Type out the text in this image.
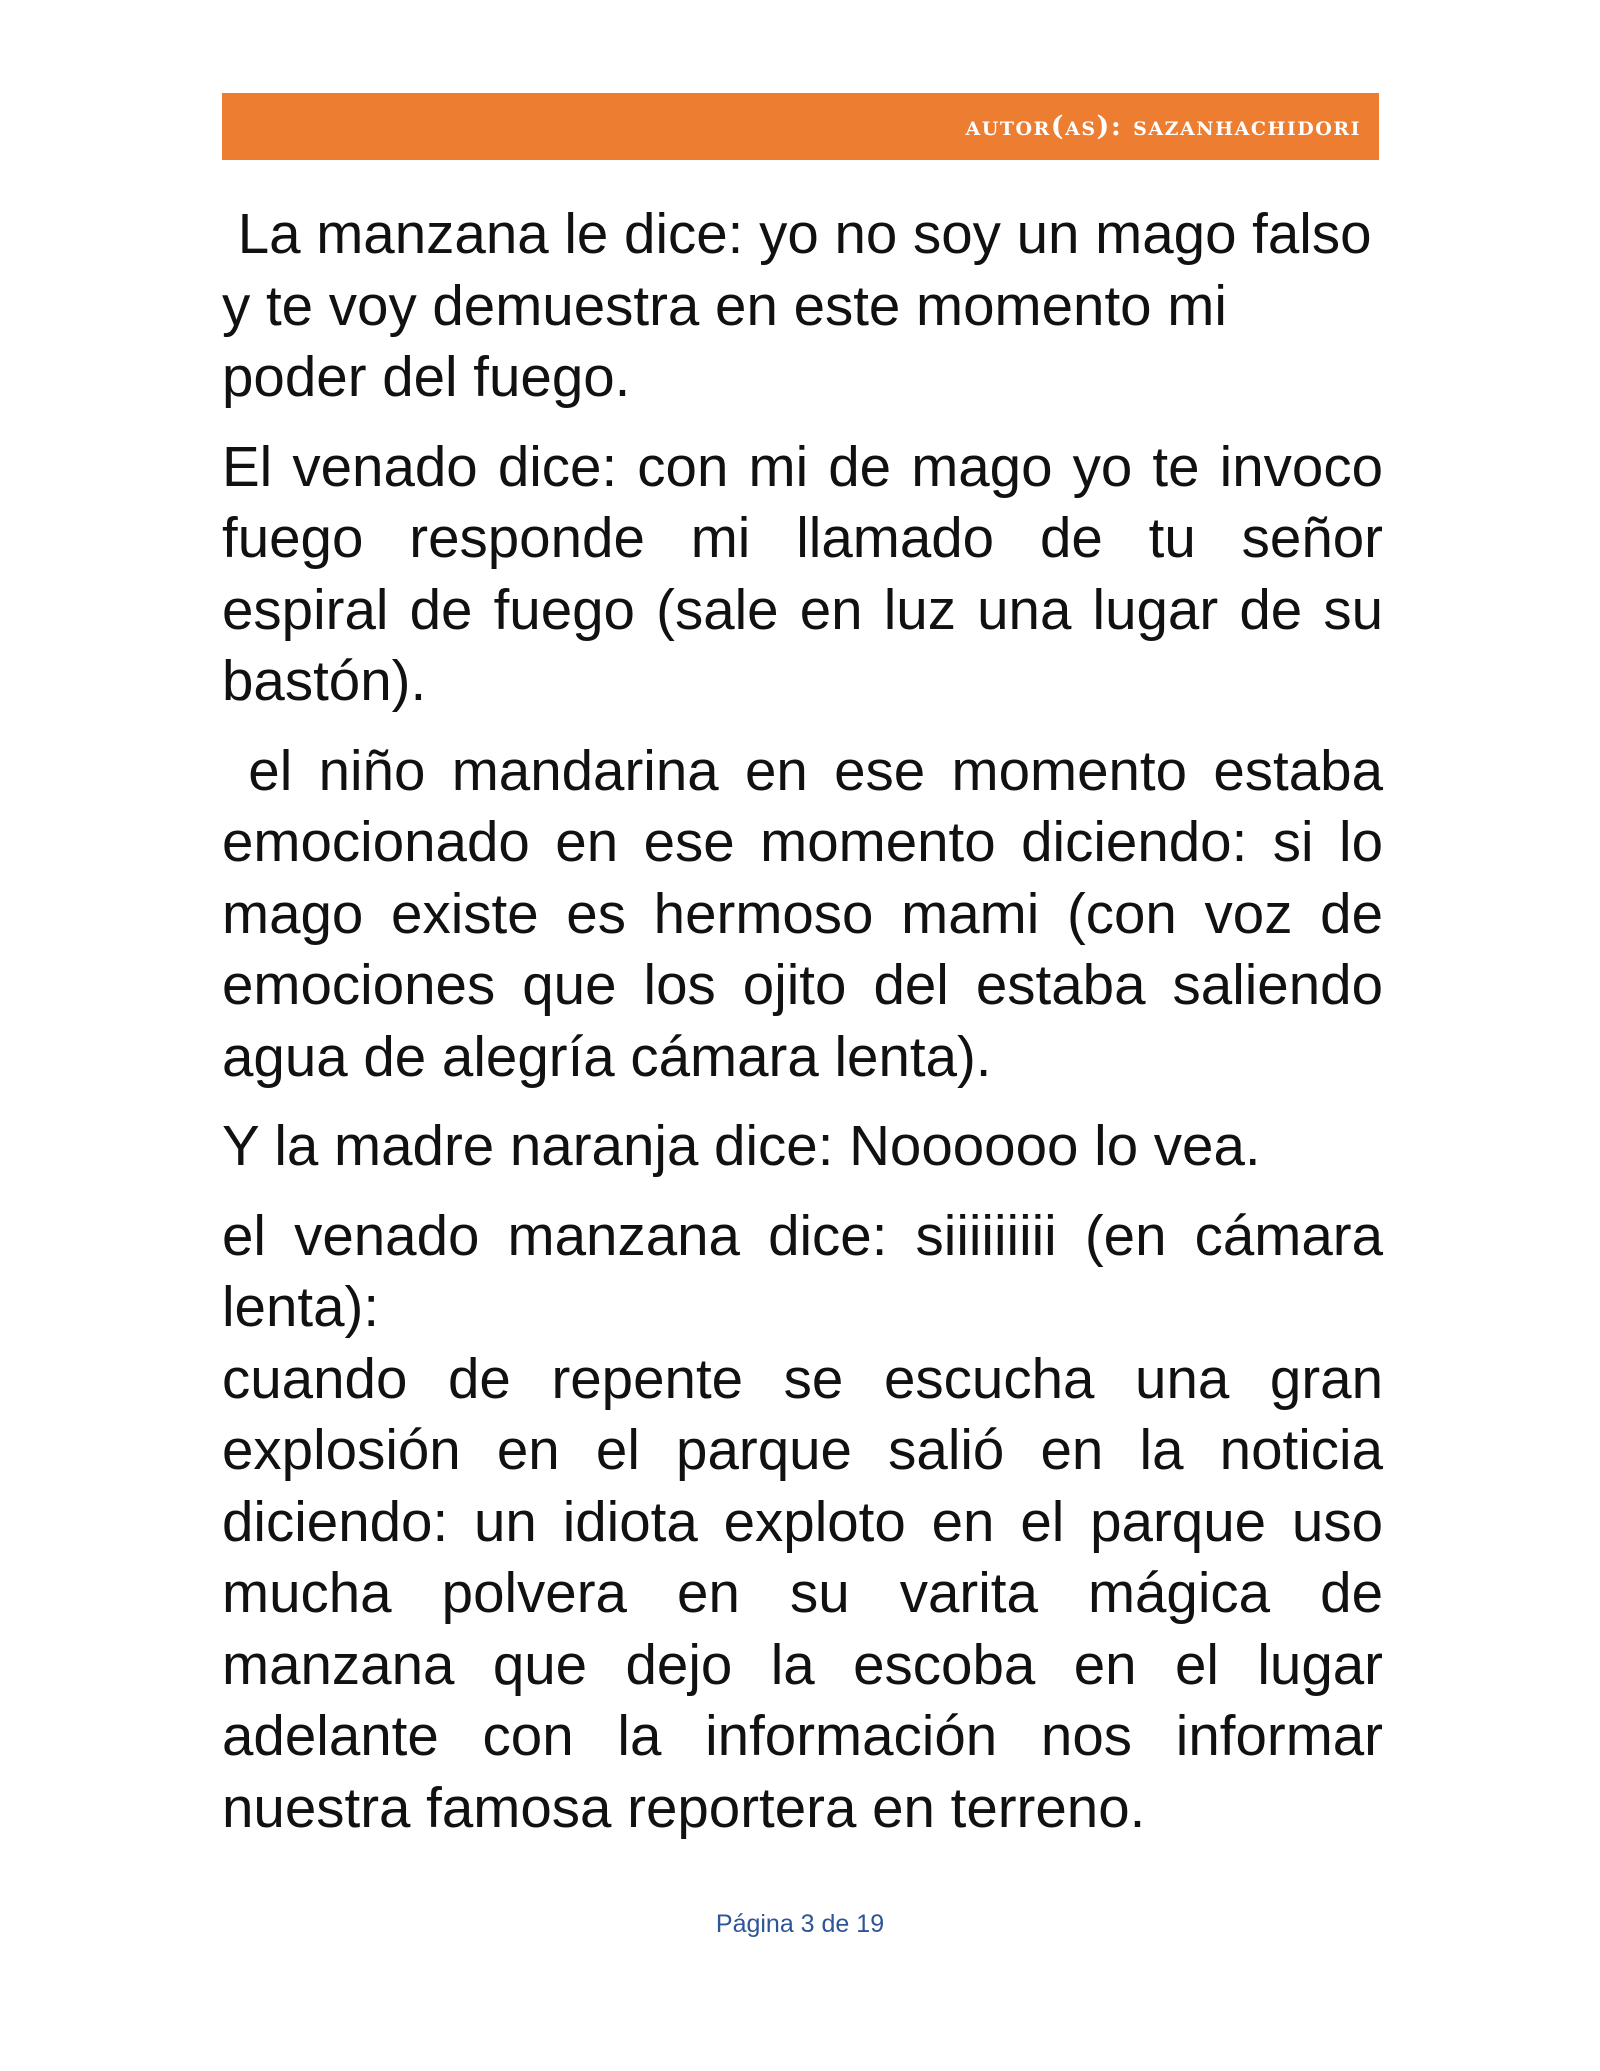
autor(as): sazanhachidori

La manzana le dice: yo no soy un mago falso y te voy demuestra en este momento mi poder del fuego.

El venado dice: con mi de mago yo te invoco fuego responde mi llamado de tu señor espiral de fuego (sale en luz una lugar de su bastón).

el niño mandarina en ese momento estaba emocionado en ese momento diciendo: si lo mago existe es hermoso mami (con voz de emociones que los ojito del estaba saliendo agua de alegría cámara lenta).

Y la madre naranja dice: Noooooo lo vea.

el venado manzana dice: siiiiiiiii (en cámara lenta):

cuando de repente se escucha una gran explosión en el parque salió en la noticia diciendo: un idiota exploto en el parque uso mucha polvera en su varita mágica de manzana que dejo la escoba en el lugar adelante con la información nos informar nuestra famosa reportera en terreno.

Página 3 de 19
